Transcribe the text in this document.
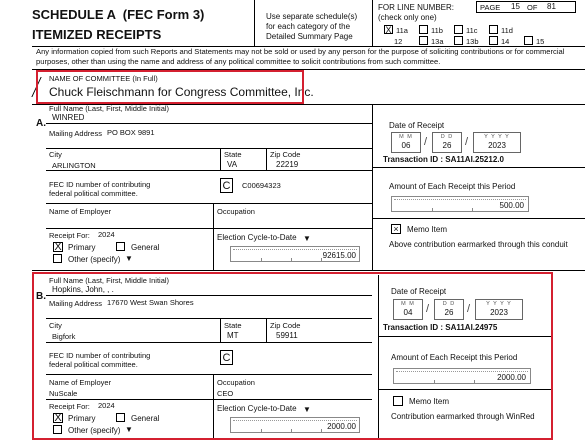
SCHEDULE A  (FEC Form 3)
ITEMIZED RECEIPTS
Use separate schedule(s)
for each category of the
Detailed Summary Page
FOR LINE NUMBER:
(check only one)
PAGE 15 OF 81
X 11a	11b	11c	11d
12	13a	13b	14	15
Any information copied from such Reports and Statements may not be sold or used by any person for the purpose of soliciting contributions or for commercial purposes, other than using the name and address of any political committee to solicit contributions from such committee.
NAME OF COMMITTEE (In Full)
Chuck Fleischmann for Congress Committee, Inc.
A.
Full Name (Last, First, Middle Initial)
WINRED
Mailing Address PO BOX 9891
City
ARLINGTON
State
VA
Zip Code
22219
FEC ID number of contributing
federal political committee.
C	C00694323
Name of Employer	Occupation
Receipt For: 2024
X Primary	General
Other (specify) ▼
Election Cycle-to-Date ▼
92615.00
Date of Receipt
M M
06	/	D D
26	/	Y Y Y Y
2023
Transaction ID : SA11AI.25212.0
Amount of Each Receipt this Period
500.00
× Memo Item
Above contribution earmarked through this conduit
B.
Full Name (Last, First, Middle Initial)
Hopkins, John, , .
Mailing Address 17670 West Swan Shores
City
Bigfork
State
MT
Zip Code
59911
FEC ID number of contributing
federal political committee.
C
Name of Employer
NuScale
Occupation
CEO
Receipt For: 2024
X Primary	General
Other (specify) ▼
Election Cycle-to-Date ▼
2000.00
Date of Receipt
M M
04	/	D D
26	/	Y Y Y Y
2023
Transaction ID : SA11AI.24975
Amount of Each Receipt this Period
2000.00
Memo Item
Contribution earmarked through WinRed
